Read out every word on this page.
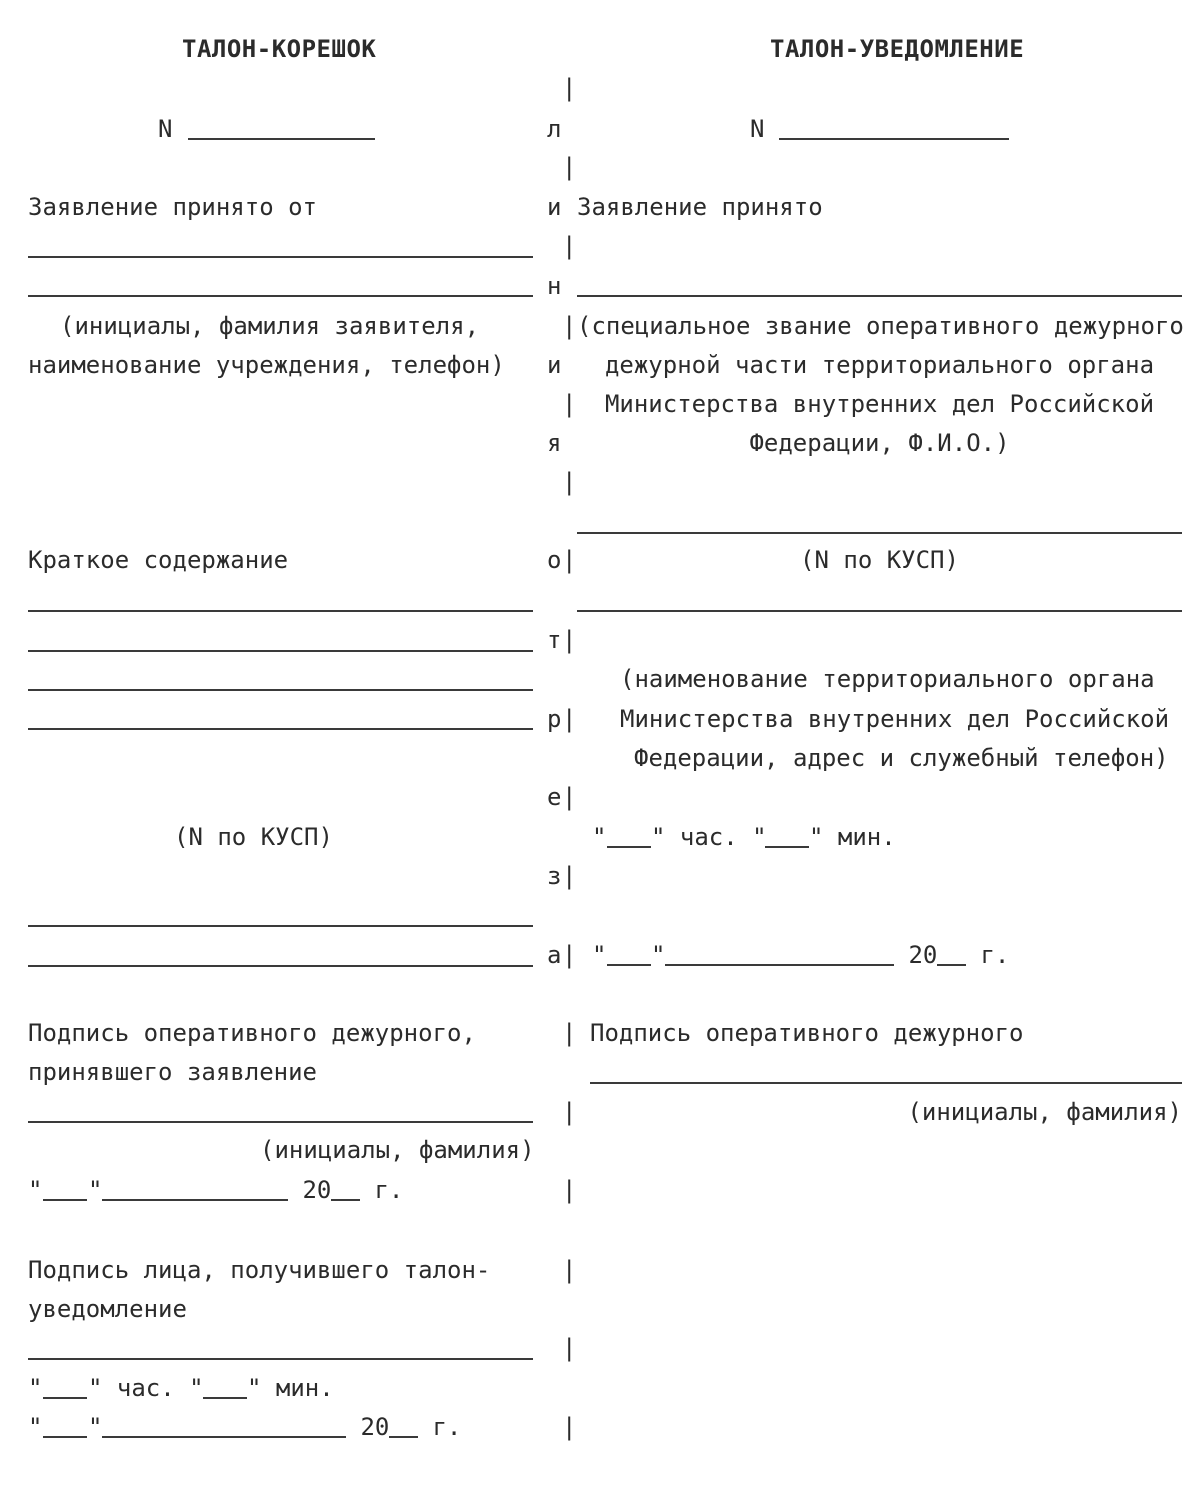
ТАЛОН-КОРЕШОК
N
Заявление принято от
(инициалы, фамилия заявителя,
наименование учреждения, телефон)
Краткое содержание
(N по КУСП)
Подпись оперативного дежурного,
принявшего заявление
(инициалы, фамилия)
" "	20 г.
Подпись лица, получившего талон-
уведомление
" " час. " " мин.
" "	20 г.
|
л
|
и
|
н
|
и
|
я
|
о |
т |
р |
е |
з |
а |
|
|
|
|
|
|
ТАЛОН-УВЕДОМЛЕНИЕ
N
Заявление принято
(специальное звание оперативного дежурного
дежурной части территориального органа
Министерства внутренних дел Российской
Федерации, Ф.И.О.)
(N по КУСП)
(наименование территориального органа
Министерства внутренних дел Российской
Федерации, адрес и служебный телефон)
" " час. " " мин.
" "	20 г.
Подпись оперативного дежурного
(инициалы, фамилия)
